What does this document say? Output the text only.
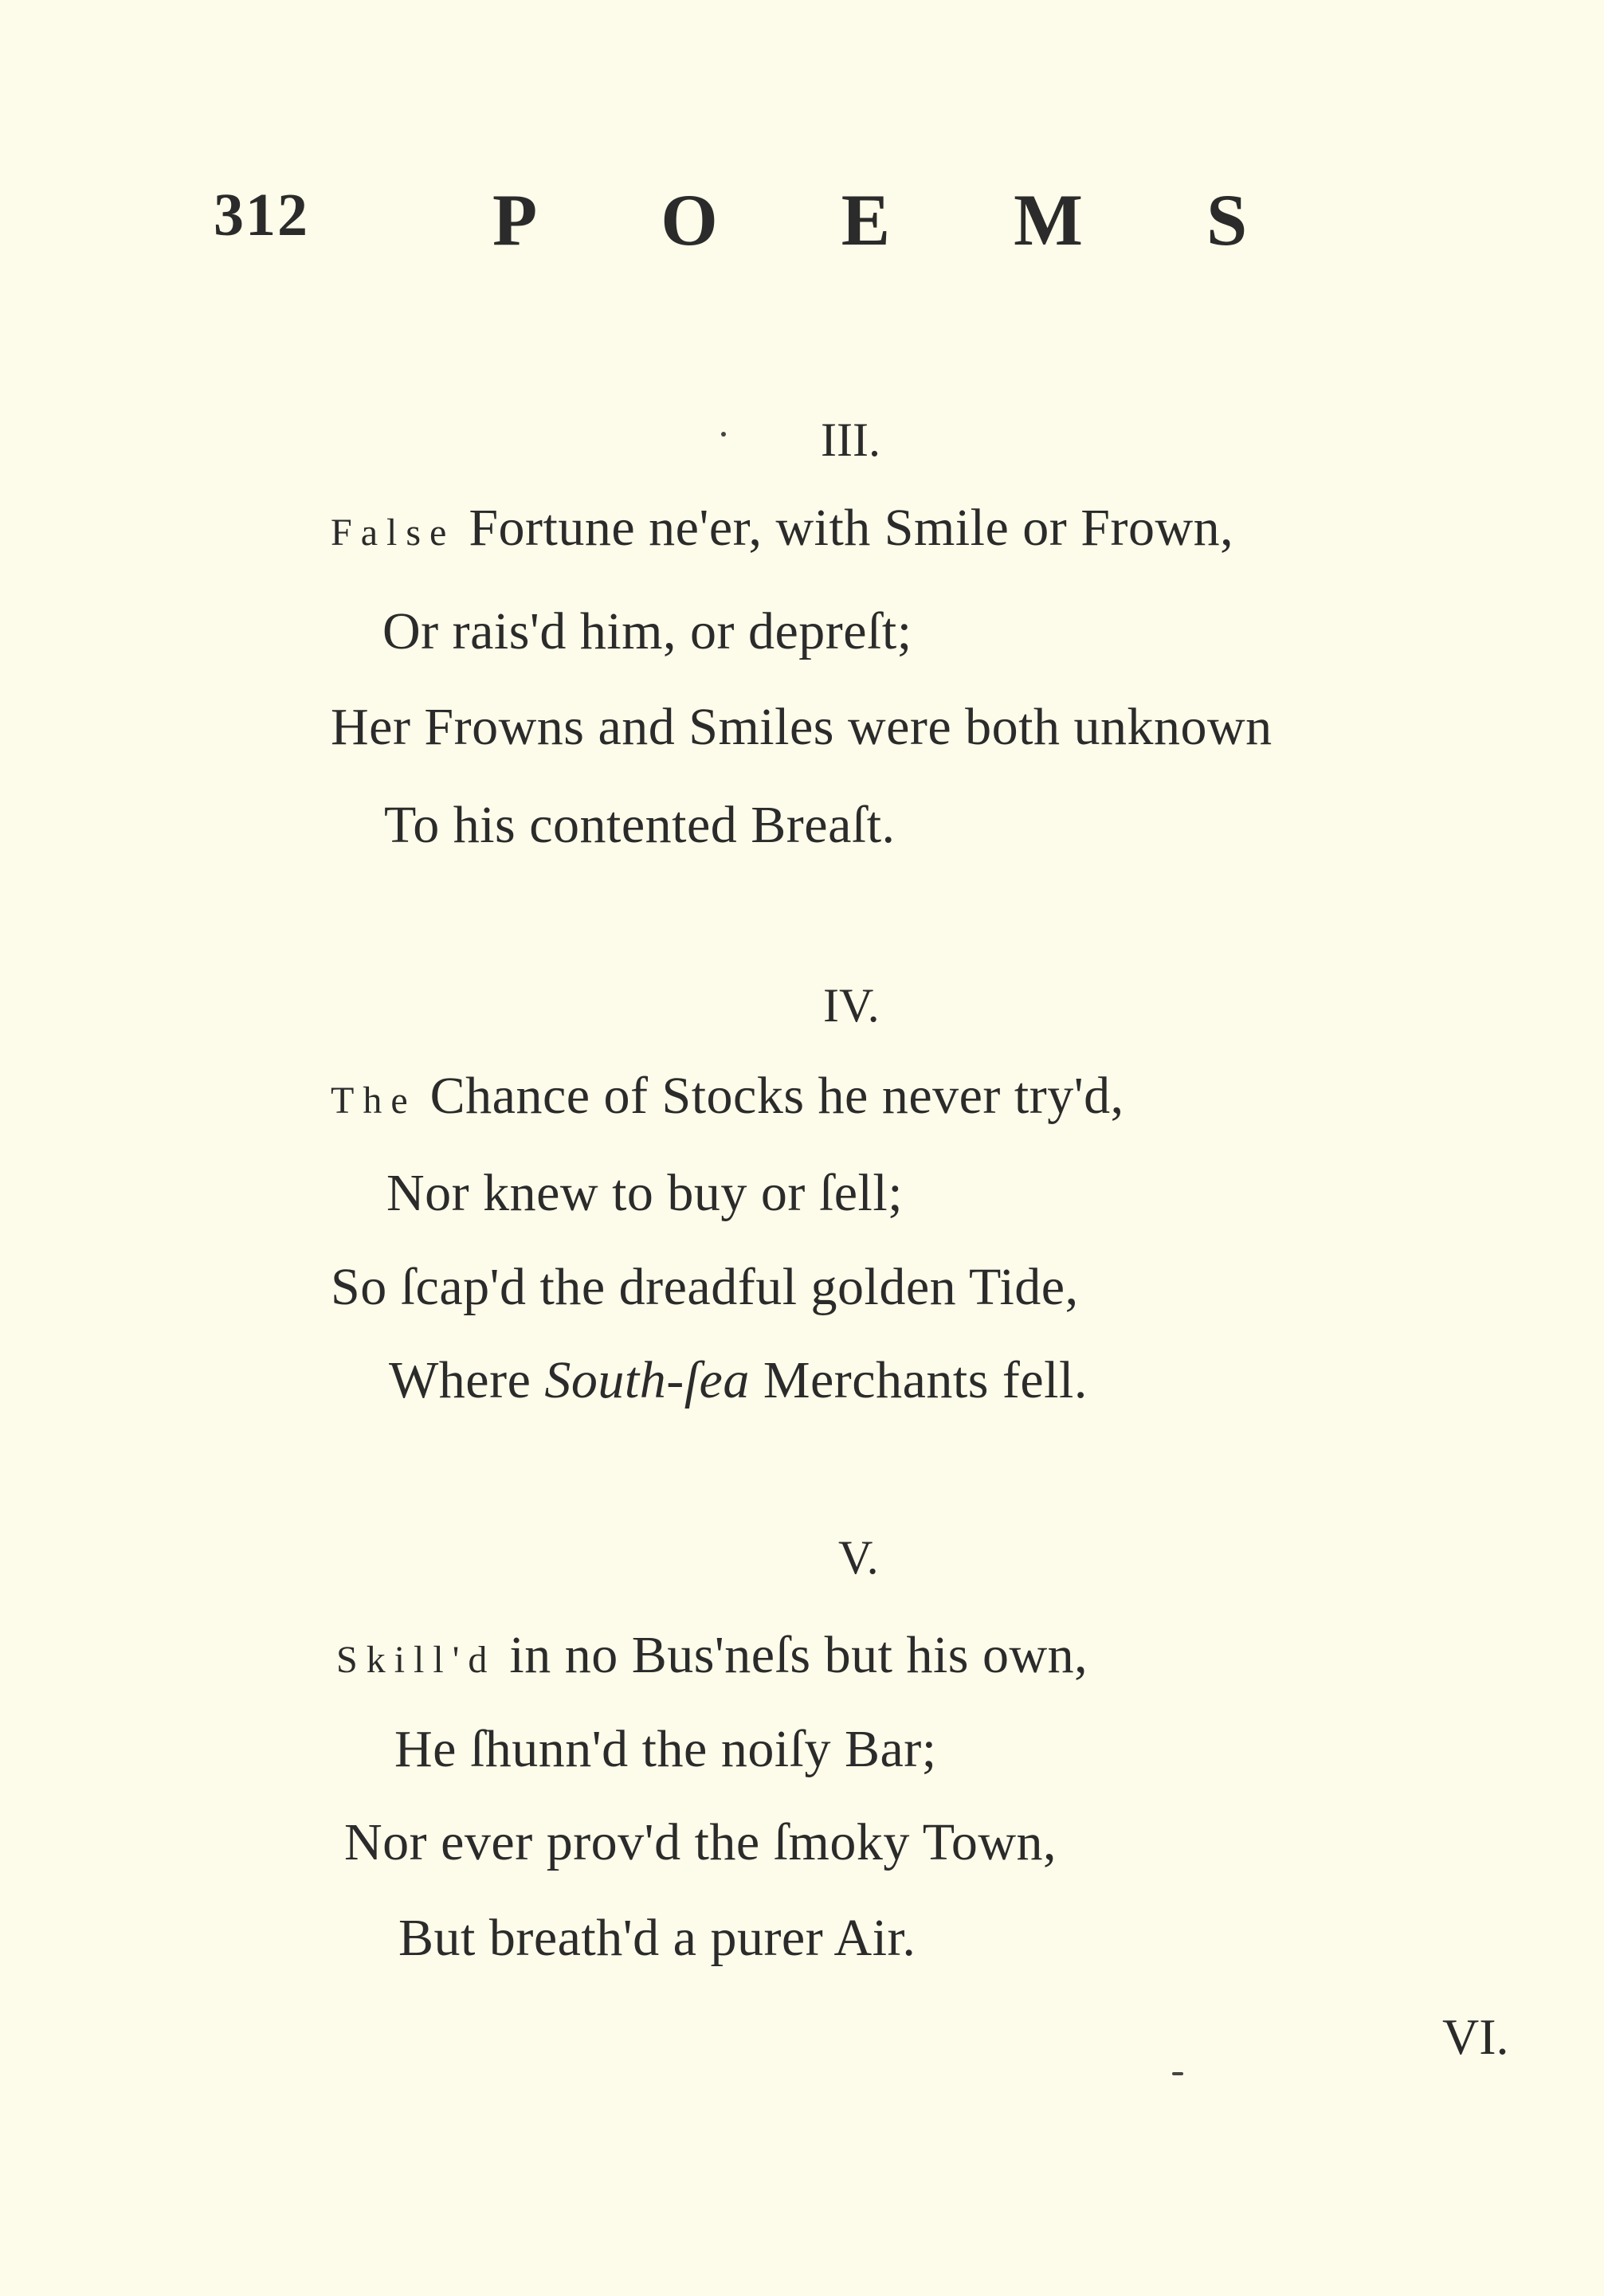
312	POEMS
III.
False Fortune ne'er, with Smile or Frown,
Or rais'd him, or depreſt;
Her Frowns and Smiles were both unknown
To his contented Breaſt.
IV.
The Chance of Stocks he never try'd,
Nor knew to buy or ſell;
So ſcap'd the dreadful golden Tide,
Where South-ſea Merchants fell.
V.
Skill'd in no Bus'neſs but his own,
He ſhunn'd the noiſy Bar;
Nor ever prov'd the ſmoky Town,
But breath'd a purer Air.
VI.
